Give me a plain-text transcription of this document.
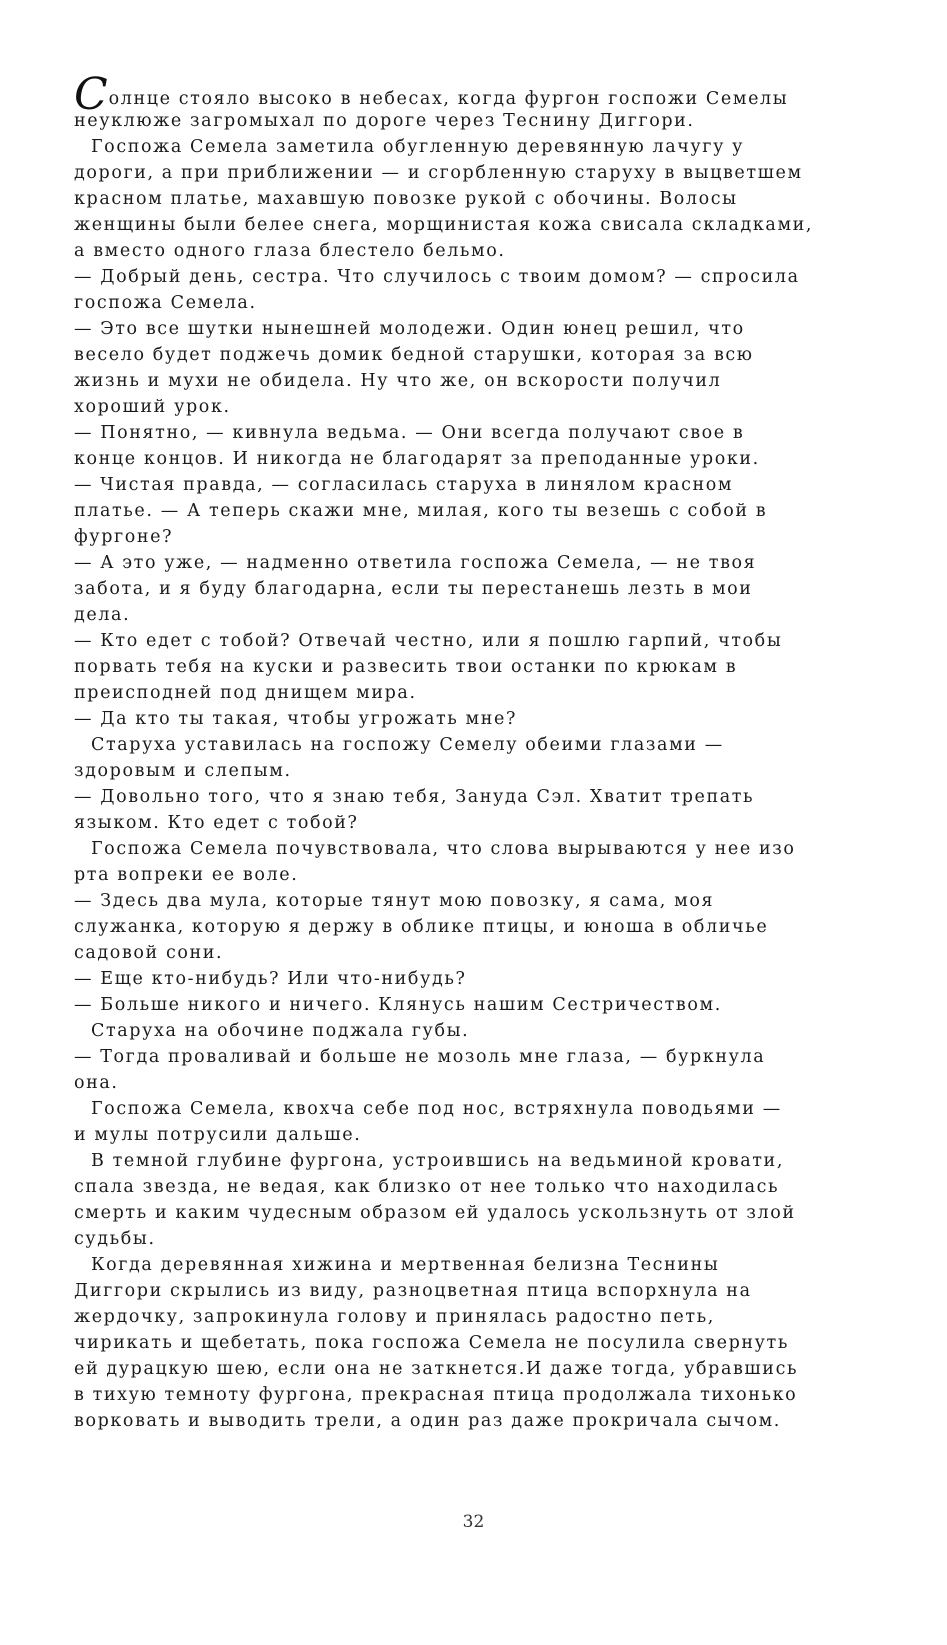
Солнце стояло высоко в небесах, когда фургон госпожи Семелы
неуклюже загромыхал по дороге через Теснину Диггори.
Госпожа Семела заметила обугленную деревянную лачугу у
дороги, а при приближении — и сгорбленную старуху в выцветшем
красном платье, махавшую повозке рукой с обочины. Волосы
женщины были белее снега, морщинистая кожа свисала складками,
а вместо одного глаза блестело бельмо.
— Добрый день, сестра. Что случилось с твоим домом? — спросила
госпожа Семела.
— Это все шутки нынешней молодежи. Один юнец решил, что
весело будет поджечь домик бедной старушки, которая за всю
жизнь и мухи не обидела. Ну что же, он вскорости получил
хороший урок.
— Понятно, — кивнула ведьма. — Они всегда получают свое в
конце концов. И никогда не благодарят за преподанные уроки.
— Чистая правда, — согласилась старуха в линялом красном
платье. — А теперь скажи мне, милая, кого ты везешь с собой в
фургоне?
— А это уже, — надменно ответила госпожа Семела, — не твоя
забота, и я буду благодарна, если ты перестанешь лезть в мои
дела.
— Кто едет с тобой? Отвечай честно, или я пошлю гарпий, чтобы
порвать тебя на куски и развесить твои останки по крюкам в
преисподней под днищем мира.
— Да кто ты такая, чтобы угрожать мне?
Старуха уставилась на госпожу Семелу обеими глазами —
здоровым и слепым.
— Довольно того, что я знаю тебя, Зануда Сэл. Хватит трепать
языком. Кто едет с тобой?
Госпожа Семела почувствовала, что слова вырываются у нее изо
рта вопреки ее воле.
— Здесь два мула, которые тянут мою повозку, я сама, моя
служанка, которую я держу в облике птицы, и юноша в обличье
садовой сони.
— Еще кто-нибудь? Или что-нибудь?
— Больше никого и ничего. Клянусь нашим Сестричеством.
Старуха на обочине поджала губы.
— Тогда проваливай и больше не мозоль мне глаза, — буркнула
она.
Госпожа Семела, квохча себе под нос, встряхнула поводьями —
и мулы потрусили дальше.
В темной глубине фургона, устроившись на ведьминой кровати,
спала звезда, не ведая, как близко от нее только что находилась
смерть и каким чудесным образом ей удалось ускользнуть от злой
судьбы.
Когда деревянная хижина и мертвенная белизна Теснины
Диггори скрылись из виду, разноцветная птица вспорхнула на
жердочку, запрокинула голову и принялась радостно петь,
чирикать и щебетать, пока госпожа Семела не посулила свернуть
ей дурацкую шею, если она не заткнется.И даже тогда, убравшись
в тихую темноту фургона, прекрасная птица продолжала тихонько
ворковать и выводить трели, а один раз даже прокричала сычом.
32
